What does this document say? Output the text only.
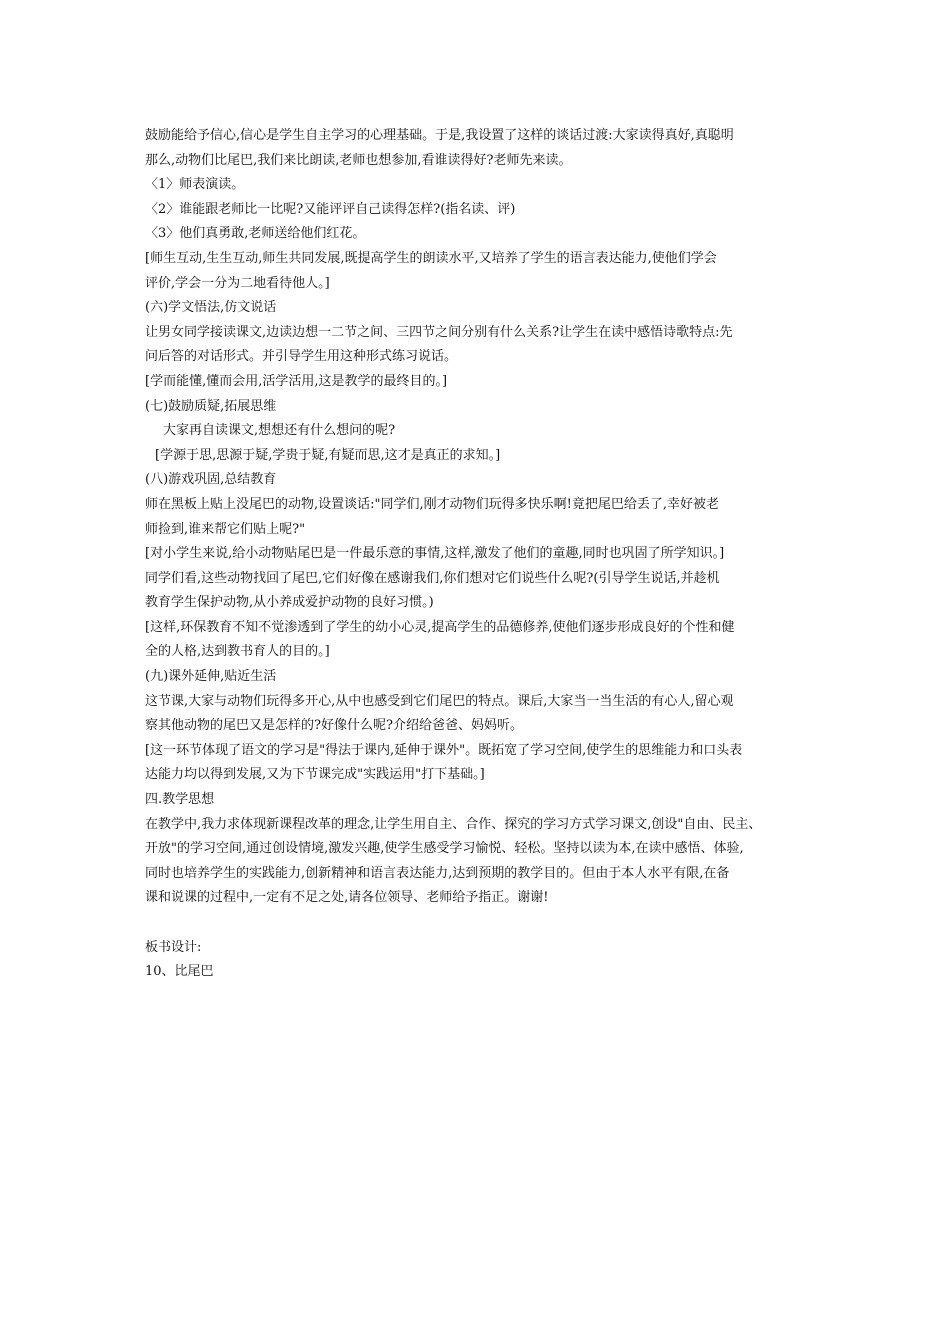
鼓励能给予信心,信心是学生自主学习的心理基础。于是,我设置了这样的谈话过渡:大家读得真好,真聪明
那么,动物们比尾巴,我们来比朗读,老师也想参加,看谁读得好?老师先来读。
〈1〉师表演读。
〈2〉谁能跟老师比一比呢?又能评评自己读得怎样?(指名读、评)
〈3〉他们真勇敢,老师送给他们红花。
[师生互动,生生互动,师生共同发展,既提高学生的朗读水平,又培养了学生的语言表达能力,使他们学会
评价,学会一分为二地看待他人。]
(六)学文悟法,仿文说话
让男女同学接读课文,边读边想一二节之间、三四节之间分别有什么关系?让学生在读中感悟诗歌特点:先
问后答的对话形式。并引导学生用这种形式练习说话。
[学而能懂,懂而会用,活学活用,这是教学的最终目的。]
(七)鼓励质疑,拓展思维
大家再自读课文,想想还有什么想问的呢?
[学源于思,思源于疑,学贵于疑,有疑而思,这才是真正的求知。]
(八)游戏巩固,总结教育
师在黑板上贴上没尾巴的动物,设置谈话:"同学们,刚才动物们玩得多快乐啊!竟把尾巴给丢了,幸好被老
师捡到,谁来帮它们贴上呢?"
[对小学生来说,给小动物贴尾巴是一件最乐意的事情,这样,激发了他们的童趣,同时也巩固了所学知识。]
同学们看,这些动物找回了尾巴,它们好像在感谢我们,你们想对它们说些什么呢?(引导学生说话,并趁机
教育学生保护动物,从小养成爱护动物的良好习惯。)
[这样,环保教育不知不觉渗透到了学生的幼小心灵,提高学生的品德修养,使他们逐步形成良好的个性和健
全的人格,达到教书育人的目的。]
(九)课外延伸,贴近生活
这节课,大家与动物们玩得多开心,从中也感受到它们尾巴的特点。课后,大家当一当生活的有心人,留心观
察其他动物的尾巴又是怎样的?好像什么呢?介绍给爸爸、妈妈听。
[这一环节体现了语文的学习是"得法于课内,延伸于课外"。既拓宽了学习空间,使学生的思维能力和口头表
达能力均以得到发展,又为下节课完成"实践运用"打下基础。]
四.教学思想
在教学中,我力求体现新课程改革的理念,让学生用自主、合作、探究的学习方式学习课文,创设"自由、民主、
开放"的学习空间,通过创设情境,激发兴趣,使学生感受学习愉悦、轻松。坚持以读为本,在读中感悟、体验,
同时也培养学生的实践能力,创新精神和语言表达能力,达到预期的教学目的。但由于本人水平有限,在备
课和说课的过程中,一定有不足之处,请各位领导、老师给予指正。谢谢!
板书设计:
10、比尾巴
